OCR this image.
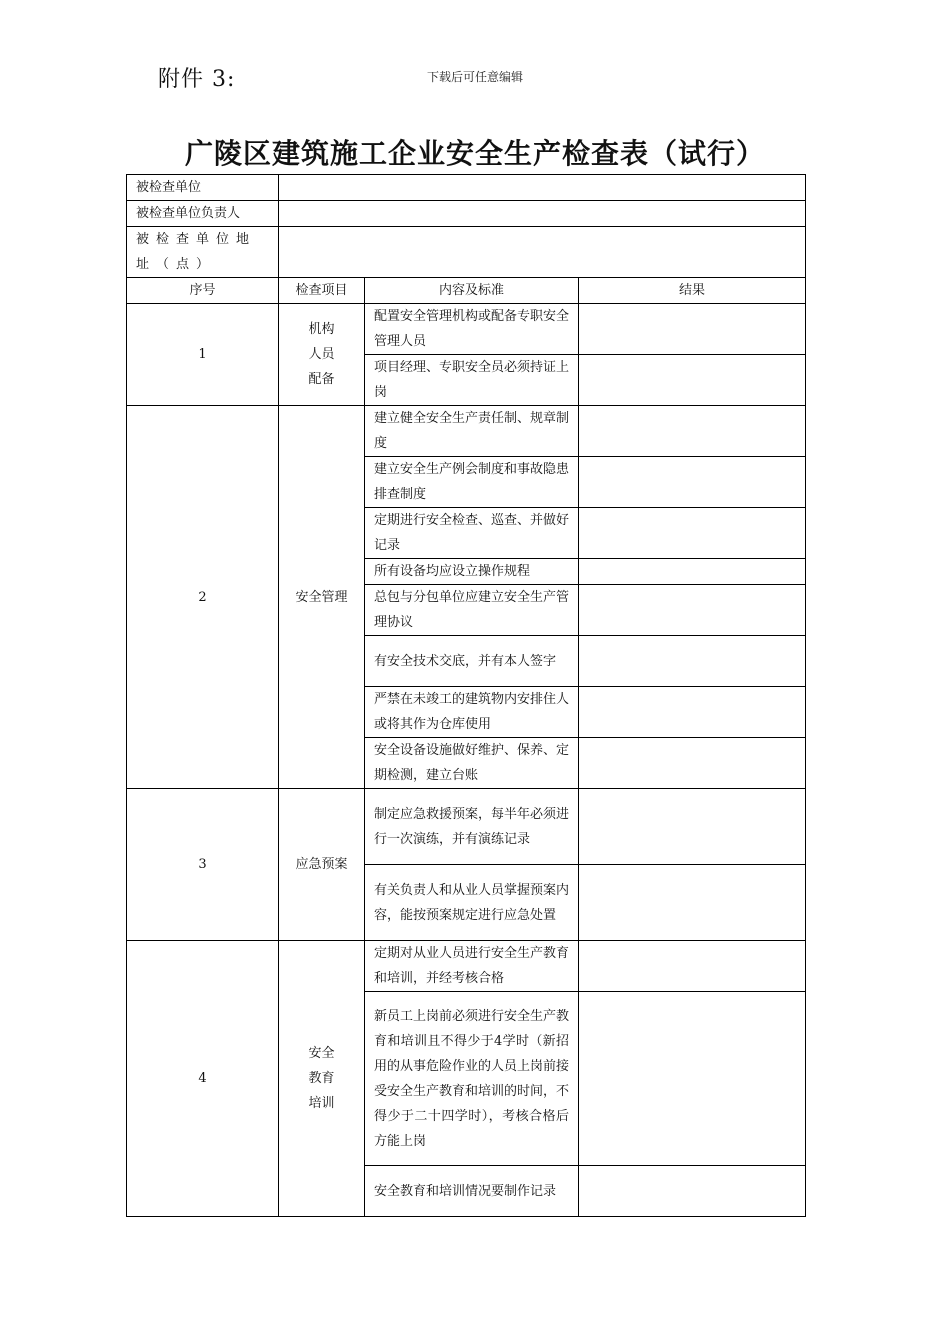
附件 3:	下载后可任意编辑
广陵区建筑施工企业安全生产检查表（试行）
被检查单位			
被检查单位负责人			
被检查单位地址（点）			
序号	检查项目	内容及标准	结果
1	机构
人员
配备	配置安全管理机构或配备专职安全管理人员	
		项目经理、专职安全员必须持证上岗	
2	安全管理	建立健全安全生产责任制、规章制度	
		建立安全生产例会制度和事故隐患排查制度	
		定期进行安全检查、巡查、并做好记录	
		所有设备均应设立操作规程	
		总包与分包单位应建立安全生产管理协议	
		有安全技术交底，并有本人签字	
		严禁在未竣工的建筑物内安排住人或将其作为仓库使用	
		安全设备设施做好维护、保养、定期检测，建立台账	
3	应急预案	制定应急救援预案，每半年必须进行一次演练，并有演练记录	
		有关负责人和从业人员掌握预案内容，能按预案规定进行应急处置	
4	安全
教育
培训	定期对从业人员进行安全生产教育和培训，并经考核合格	
		新员工上岗前必须进行安全生产教育和培训且不得少于4学时（新招用的从事危险作业的人员上岗前接受安全生产教育和培训的时间，不得少于二十四学时），考核合格后方能上岗	
		安全教育和培训情况要制作记录	
